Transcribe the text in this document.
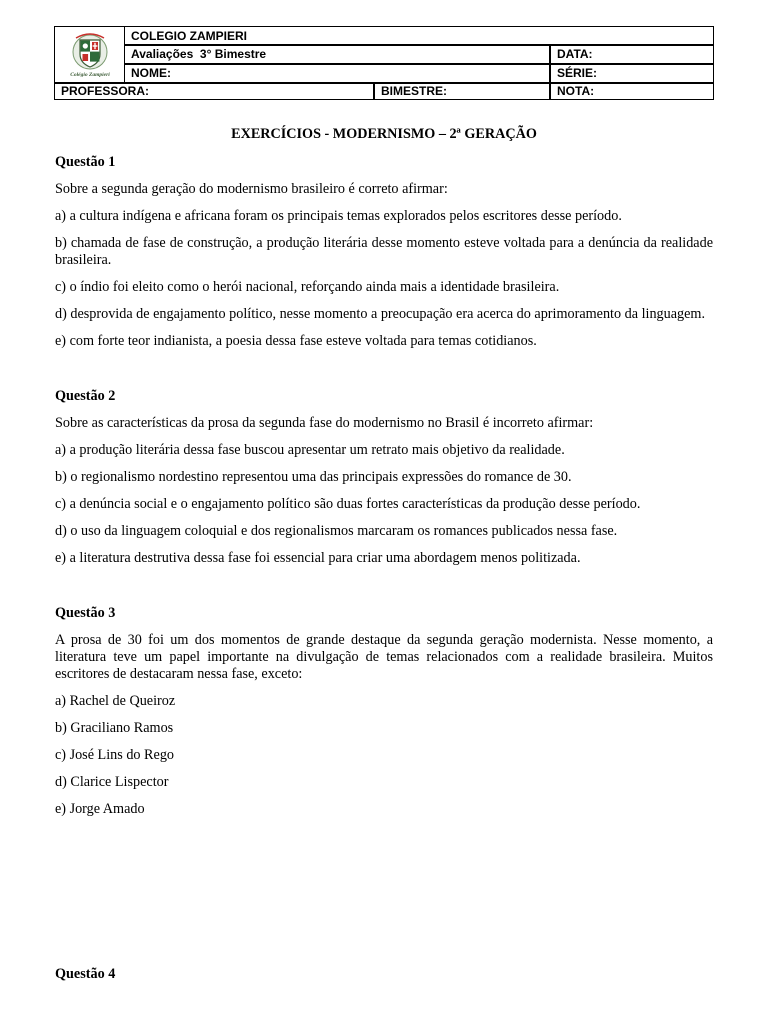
Colégio Zampieri
COLEGIO ZAMPIERI
Avaliações  3° Bimestre	DATA:
NOME:	SÉRIE:
PROFESSORA:	BIMESTRE:	NOTA:
EXERCÍCIOS - MODERNISMO – 2ª GERAÇÃO
Questão 1
Sobre a segunda geração do modernismo brasileiro é correto afirmar:
a) a cultura indígena e africana foram os principais temas explorados pelos escritores desse período.
b) chamada de fase de construção, a produção literária desse momento esteve voltada para a denúncia da realidade brasileira.
c) o índio foi eleito como o herói nacional, reforçando ainda mais a identidade brasileira.
d) desprovida de engajamento político, nesse momento a preocupação era acerca do aprimoramento da linguagem.
e) com forte teor indianista, a poesia dessa fase esteve voltada para temas cotidianos.
Questão 2
Sobre as características da prosa da segunda fase do modernismo no Brasil é incorreto afirmar:
a) a produção literária dessa fase buscou apresentar um retrato mais objetivo da realidade.
b) o regionalismo nordestino representou uma das principais expressões do romance de 30.
c) a denúncia social e o engajamento político são duas fortes características da produção desse período.
d) o uso da linguagem coloquial e dos regionalismos marcaram os romances publicados nessa fase.
e) a literatura destrutiva dessa fase foi essencial para criar uma abordagem menos politizada.
Questão 3
A prosa de 30 foi um dos momentos de grande destaque da segunda geração modernista. Nesse momento, a literatura teve um papel importante na divulgação de temas relacionados com a realidade brasileira. Muitos escritores de destacaram nessa fase, exceto:
a) Rachel de Queiroz
b) Graciliano Ramos
c) José Lins do Rego
d) Clarice Lispector
e) Jorge Amado
Questão 4
